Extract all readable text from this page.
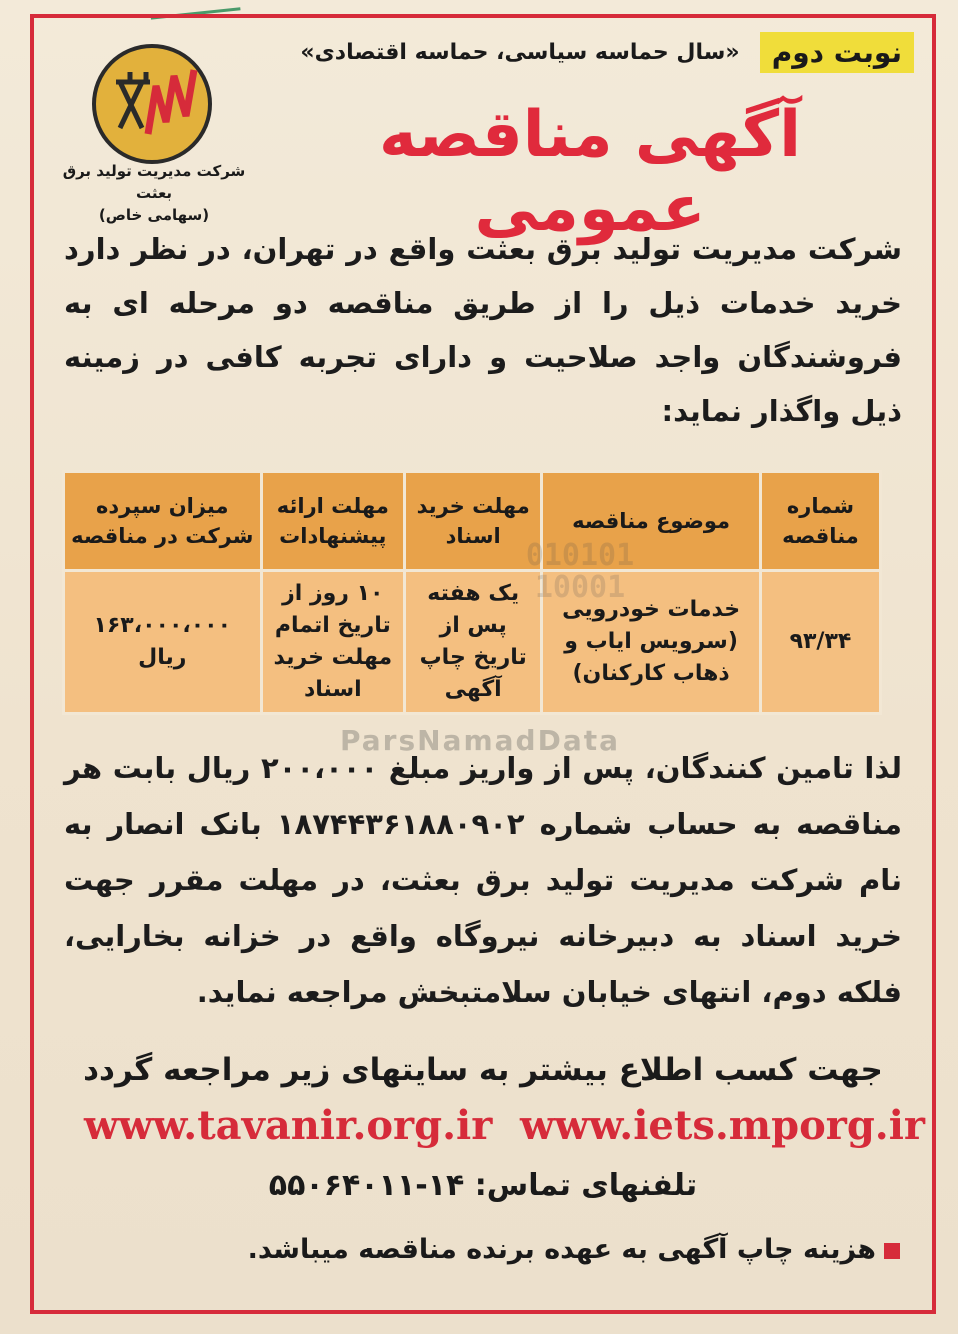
نوبت دوم
«سال حماسه سیاسی، حماسه اقتصادی»
آگهی مناقصه عمومی
شرکت مدیریت تولید برق بعثت
(سهامی خاص)
شرکت مدیریت تولید برق بعثت واقع در تهران، در نظر دارد خرید خدمات ذیل را از طریق مناقصه دو مرحله ای به فروشندگان واجد صلاحیت و دارای تجربه کافی در زمینه ذیل واگذار نماید:
شماره مناقصه	موضوع مناقصه	مهلت خرید اسناد	مهلت ارائه پیشنهادات	میزان سپرده شرکت در مناقصه
۹۳/۳۴	خدمات خودرویی (سرویس ایاب و ذهاب کارکنان)	یک هفته پس از تاریخ چاپ آگهی	۱۰ روز از تاریخ اتمام مهلت خرید اسناد	۱۶۳،۰۰۰،۰۰۰ ریال
010101
10001
ParsNamadData
لذا تامین کنندگان، پس از واریز مبلغ ۲۰۰،۰۰۰ ریال بابت هر مناقصه به حساب شماره ۱۸۷۴۴۳۶۱۸۸۰۹۰۲ بانک انصار به نام شرکت مدیریت تولید برق بعثت، در مهلت مقرر جهت خرید اسناد به دبیرخانه نیروگاه واقع در خزانه بخارایی، فلکه دوم، انتهای خیابان سلامتبخش مراجعه نماید.
جهت کسب اطلاع بیشتر به سایتهای زیر مراجعه گردد
www.iets.mporg.ir
www.tavanir.org.ir
تلفنهای تماس: ۱۴-۵۵۰۶۴۰۱۱
هزینه چاپ آگهی به عهده برنده مناقصه میباشد.
